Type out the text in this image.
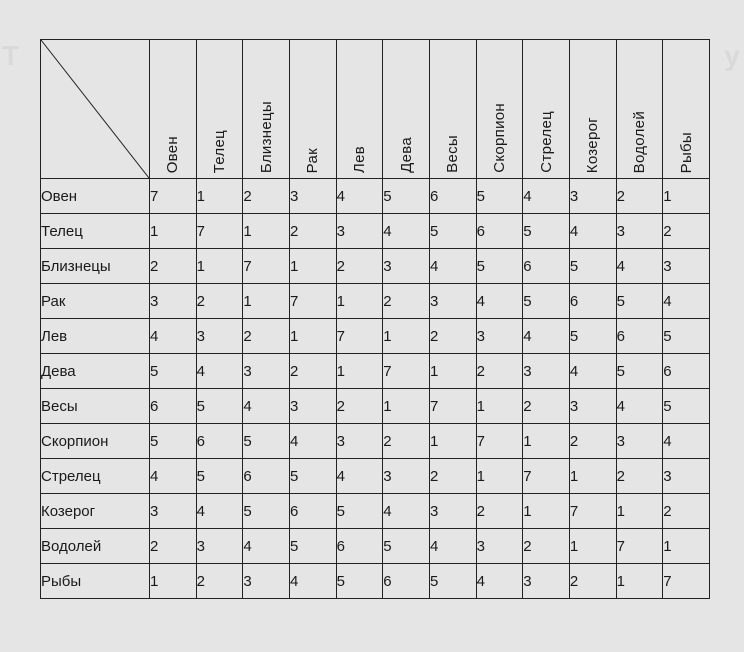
Т	у
	Овен	Телец	Близнецы	Рак	Лев	Дева	Весы	Скорпион	Стрелец	Козерог	Водолей	Рыбы
Овен	7	1	2	3	4	5	6	5	4	3	2	1
Телец	1	7	1	2	3	4	5	6	5	4	3	2
Близнецы	2	1	7	1	2	3	4	5	6	5	4	3
Рак	3	2	1	7	1	2	3	4	5	6	5	4
Лев	4	3	2	1	7	1	2	3	4	5	6	5
Дева	5	4	3	2	1	7	1	2	3	4	5	6
Весы	6	5	4	3	2	1	7	1	2	3	4	5
Скорпион	5	6	5	4	3	2	1	7	1	2	3	4
Стрелец	4	5	6	5	4	3	2	1	7	1	2	3
Козерог	3	4	5	6	5	4	3	2	1	7	1	2
Водолей	2	3	4	5	6	5	4	3	2	1	7	1
Рыбы	1	2	3	4	5	6	5	4	3	2	1	7
